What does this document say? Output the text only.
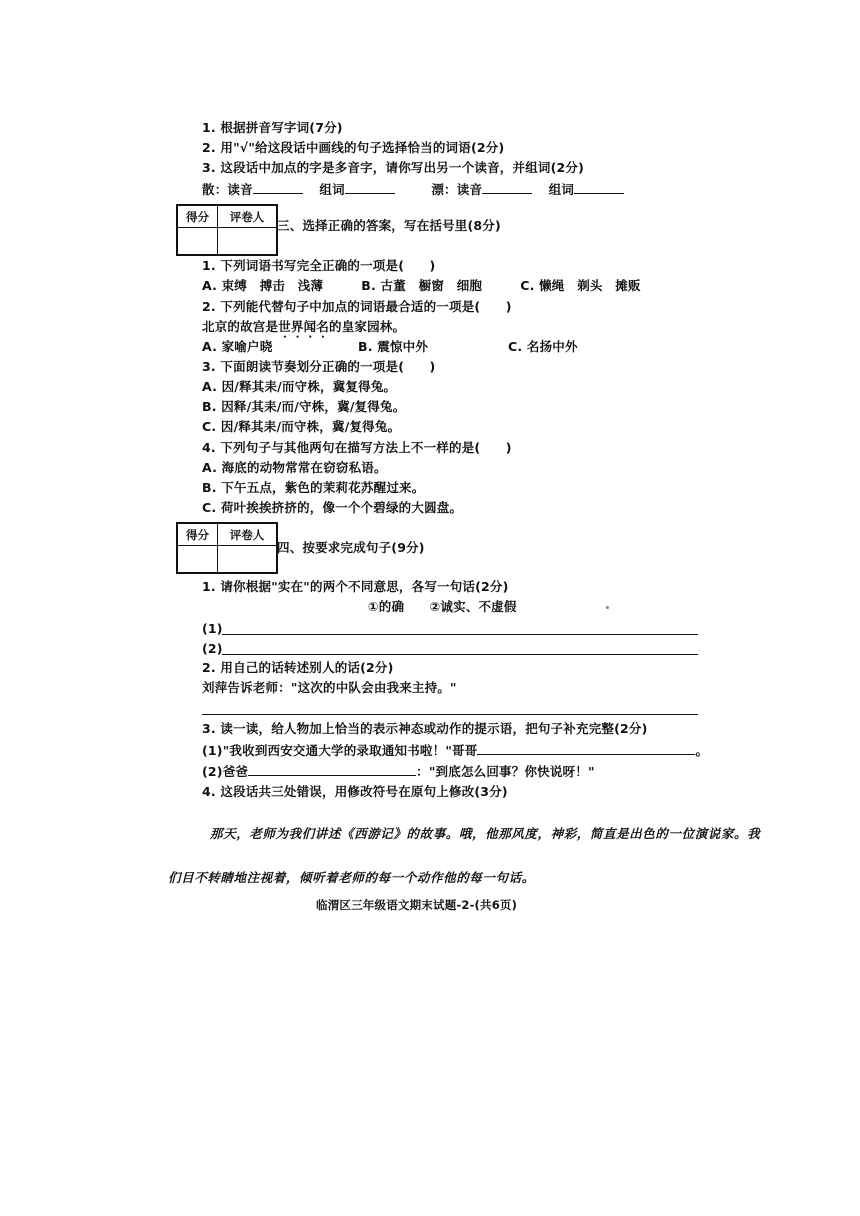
1. 根据拼音写字词(7分)
2. 用"√"给这段话中画线的句子选择恰当的词语(2分)
3. 这段话中加点的字是多音字，请你写出另一个读音，并组词(2分)
散：读音	组词	漂：读音	组词
得分	评卷人
三、选择正确的答案，写在括号里(8分)
1. 下列词语书写完全正确的一项是(　　)
A. 束缚　搏击　浅薄　　　B. 古董　橱窗　细胞　　　C. 懒绳　剃头　摊贩
2. 下列能代替句子中加点的词语最合适的一项是(　　)
北京的故宫是世界闻名的皇家园林。
A. 家喻户晓	B. 震惊中外	C. 名扬中外
3. 下面朗读节奏划分正确的一项是(　　)
A. 因/释其耒/而守株，冀复得兔。
B. 因释/其耒/而/守株，冀/复得兔。
C. 因/释其耒/而守株，冀/复得兔。
4. 下列句子与其他两句在描写方法上不一样的是(　　)
A. 海底的动物常常在窃窃私语。
B. 下午五点，紫色的茉莉花苏醒过来。
C. 荷叶挨挨挤挤的，像一个个碧绿的大圆盘。
得分	评卷人
四、按要求完成句子(9分)
1. 请你根据"实在"的两个不同意思，各写一句话(2分)
①的确　　②诚实、不虚假
(1)
(2)
2. 用自己的话转述别人的话(2分)
刘萍告诉老师："这次的中队会由我来主持。"
3. 读一读，给人物加上恰当的表示神态或动作的提示语，把句子补充完整(2分)
(1)"我收到西安交通大学的录取通知书啦！"哥哥	。
(2)爸爸	："到底怎么回事？你快说呀！"
4. 这段话共三处错误，用修改符号在原句上修改(3分)
那天，老师为我们讲述《西游记》的故事。哦，他那风度，神彩，简直是出色的一位演说家。我
们目不转睛地注视着，倾听着老师的每一个动作他的每一句话。
临渭区三年级语文期末试题-2-(共6页)
